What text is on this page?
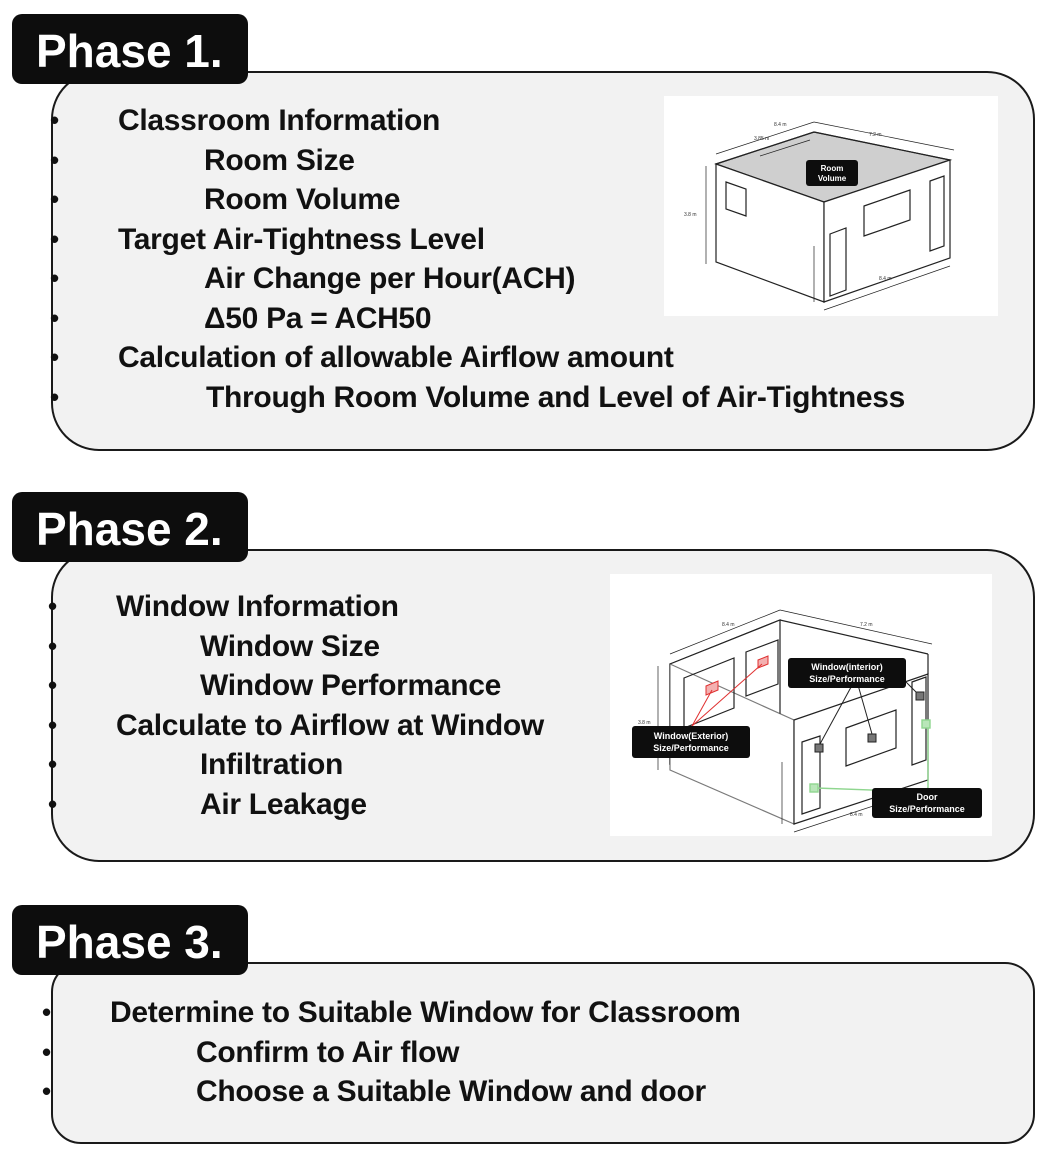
Phase 1.
• Classroom Information
• Room Size
• Room Volume
• Target Air-Tightness Level
• Air Change per Hour(ACH)
• Δ50 Pa = ACH50
• Calculation of allowable Airflow amount
• Through Room Volume and Level of Air-Tightness
3.85 m
7.2 m
8.4 m
3.8 m
8.4 m
Room
Volume
Phase 2.
• Window Information
• Window Size
• Window Performance
• Calculate to Airflow at Window
• Infiltration
• Air Leakage
8.4 m	7.2 m
3.8 m
8.4 m
Window(interior)
Size/Performance
Window(Exterior)
Size/Performance
Door
Size/Performance
Phase 3.
• Determine to Suitable Window for Classroom
• Confirm to Air flow
• Choose a Suitable Window and door
